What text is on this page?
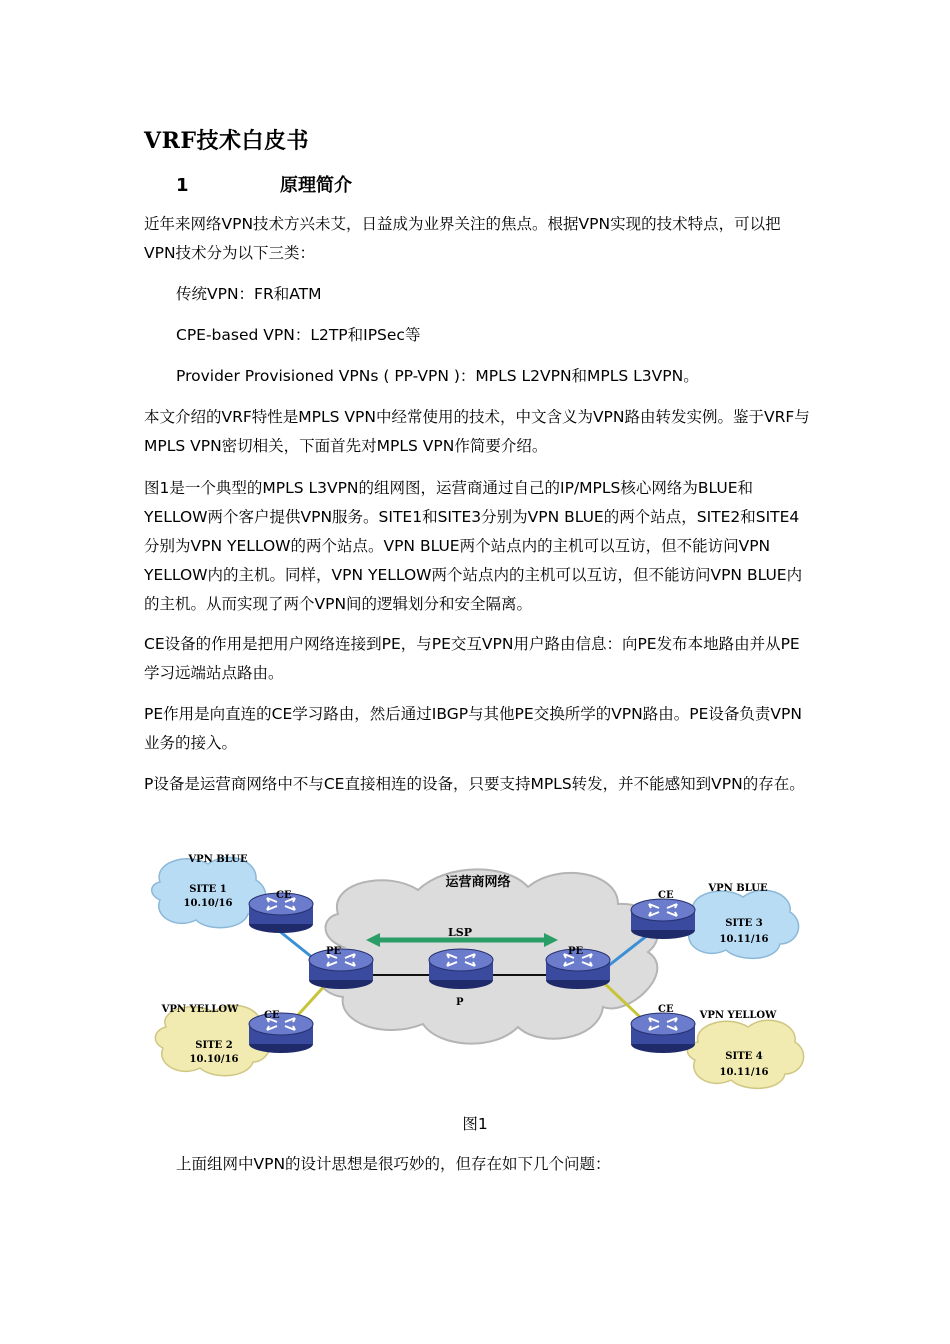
VRF技术白皮书
1	原理简介
近年来网络VPN技术方兴未艾，日益成为业界关注的焦点。根据VPN实现的技术特点，可以把VPN技术分为以下三类：
传统VPN：FR和ATM
CPE-based VPN：L2TP和IPSec等
Provider Provisioned VPNs ( PP-VPN )：MPLS L2VPN和MPLS L3VPN。
本文介绍的VRF特性是MPLS VPN中经常使用的技术，中文含义为VPN路由转发实例。鉴于VRF与MPLS VPN密切相关，下面首先对MPLS VPN作简要介绍。
图1是一个典型的MPLS L3VPN的组网图，运营商通过自己的IP/MPLS核心网络为BLUE和YELLOW两个客户提供VPN服务。SITE1和SITE3分别为VPN BLUE的两个站点，SITE2和SITE4分别为VPN YELLOW的两个站点。VPN BLUE两个站点内的主机可以互访，但不能访问VPN YELLOW内的主机。同样，VPN YELLOW两个站点内的主机可以互访，但不能访问VPN BLUE内的主机。从而实现了两个VPN间的逻辑划分和安全隔离。
CE设备的作用是把用户网络连接到PE，与PE交互VPN用户路由信息：向PE发布本地路由并从PE学习远端站点路由。
PE作用是向直连的CE学习路由，然后通过IBGP与其他PE交换所学的VPN路由。PE设备负责VPN业务的接入。
P设备是运营商网络中不与CE直接相连的设备，只要支持MPLS转发，并不能感知到VPN的存在。
运营商网络
LSP
CE
CE
PE	PE
P
CE
CE
VPN BLUE
SITE 1
10.10/16
VPN YELLOW
SITE 2
10.10/16
VPN BLUE
SITE 3
10.11/16
VPN YELLOW
SITE 4
10.11/16
图1
上面组网中VPN的设计思想是很巧妙的，但存在如下几个问题：
